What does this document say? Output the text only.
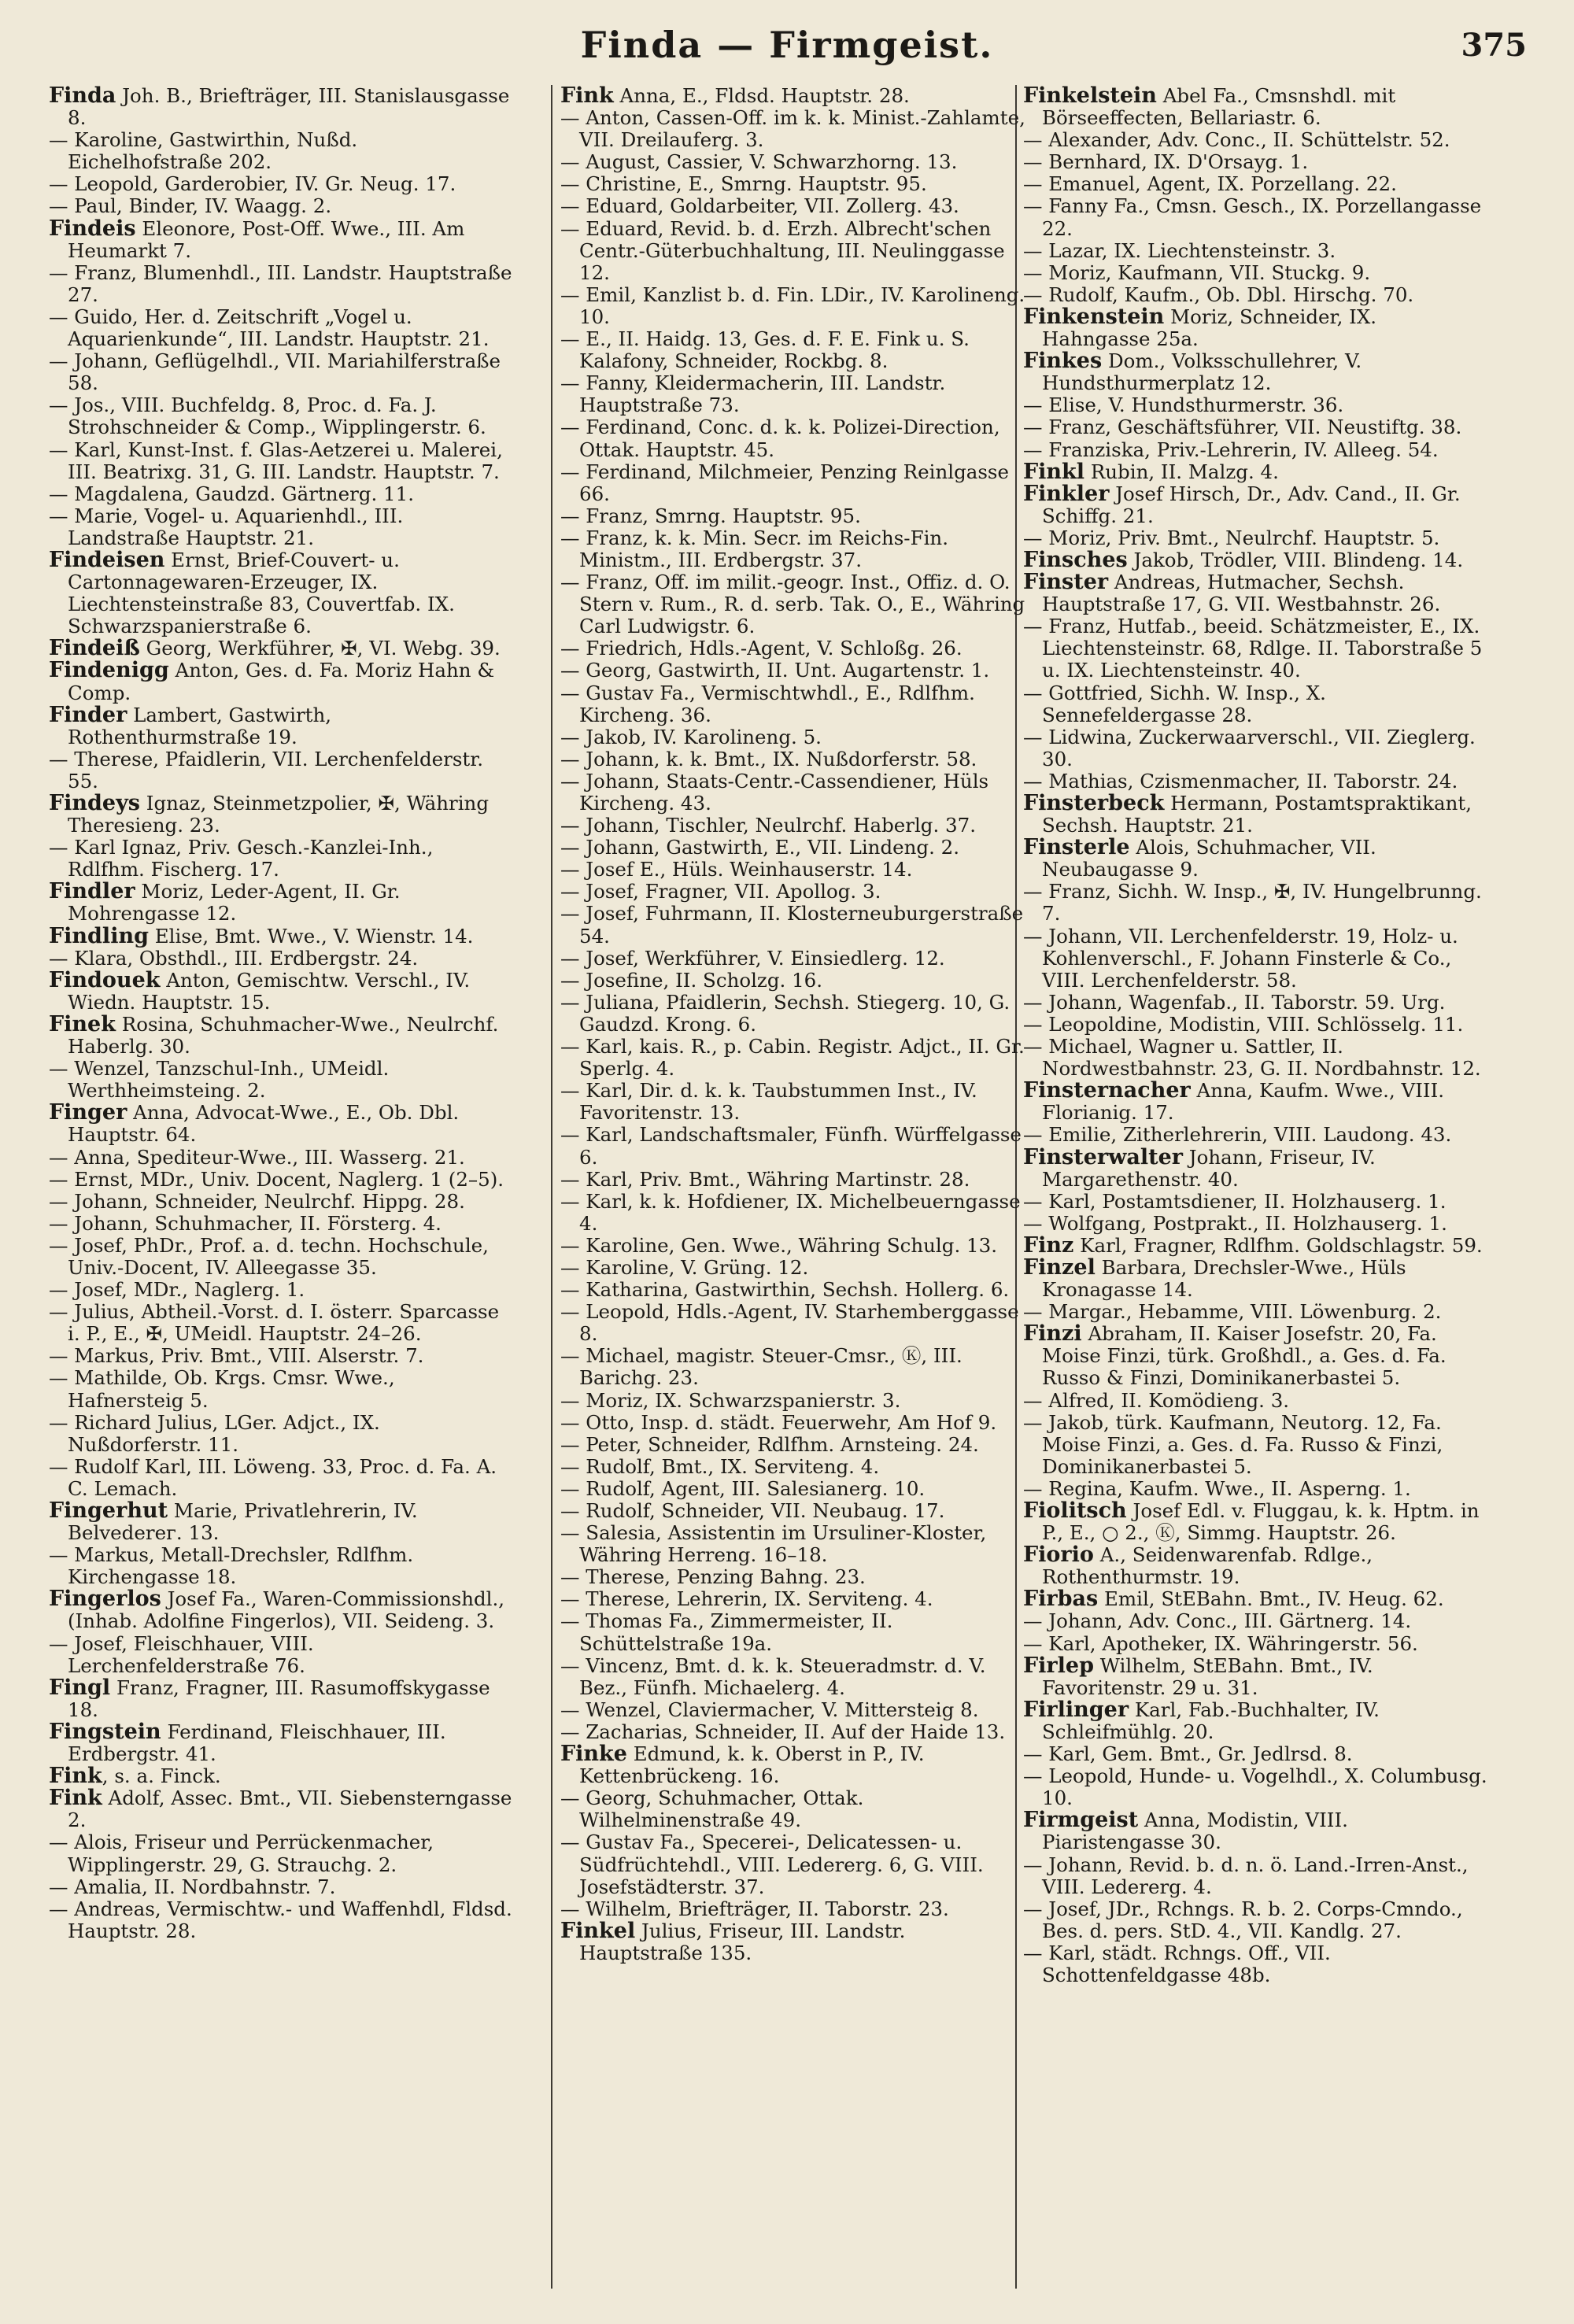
Finda — Firmgeist.	375

Finda Joh. B., Briefträger, III. Stanislausgasse 8.

— Karoline, Gastwirthin, Nußd. Eichelhofstraße 202.

— Leopold, Garderobier, IV. Gr. Neug. 17.

— Paul, Binder, IV. Waagg. 2.

Findeis Eleonore, Post-Off. Wwe., III. Am Heumarkt 7.

— Franz, Blumenhdl., III. Landstr. Hauptstraße 27.

— Guido, Her. d. Zeitschrift „Vogel u. Aquarienkunde“, III. Landstr. Hauptstr. 21.

— Johann, Geflügelhdl., VII. Mariahilferstraße 58.

— Jos., VIII. Buchfeldg. 8, Proc. d. Fa. J. Strohschneider & Comp., Wipplingerstr. 6.

— Karl, Kunst-Inst. f. Glas-Aetzerei u. Malerei, III. Beatrixg. 31, G. III. Landstr. Hauptstr. 7.

— Magdalena, Gaudzd. Gärtnerg. 11.

— Marie, Vogel- u. Aquarienhdl., III. Landstraße Hauptstr. 21.

Findeisen Ernst, Brief-Couvert- u. Cartonnagewaren-Erzeuger, IX. Liechtensteinstraße 83, Couvertfab. IX. Schwarzspanierstraße 6.

Findeiß Georg, Werkführer, ✠, VI. Webg. 39.

Findenigg Anton, Ges. d. Fa. Moriz Hahn & Comp.

Finder Lambert, Gastwirth, Rothenthurmstraße 19.

— Therese, Pfaidlerin, VII. Lerchenfelderstr. 55.

Findeys Ignaz, Steinmetzpolier, ✠, Währing Theresieng. 23.

— Karl Ignaz, Priv. Gesch.-Kanzlei-Inh., Rdlfhm. Fischerg. 17.

Findler Moriz, Leder-Agent, II. Gr. Mohrengasse 12.

Findling Elise, Bmt. Wwe., V. Wienstr. 14.

— Klara, Obsthdl., III. Erdbergstr. 24.

Findouek Anton, Gemischtw. Verschl., IV. Wiedn. Hauptstr. 15.

Finek Rosina, Schuhmacher-Wwe., Neulrchf. Haberlg. 30.

— Wenzel, Tanzschul-Inh., UMeidl. Werthheimsteing. 2.

Finger Anna, Advocat-Wwe., E., Ob. Dbl. Hauptstr. 64.

— Anna, Spediteur-Wwe., III. Wasserg. 21.

— Ernst, MDr., Univ. Docent, Naglerg. 1 (2–5).

— Johann, Schneider, Neulrchf. Hippg. 28.

— Johann, Schuhmacher, II. Försterg. 4.

— Josef, PhDr., Prof. a. d. techn. Hochschule, Univ.-Docent, IV. Alleegasse 35.

— Josef, MDr., Naglerg. 1.

— Julius, Abtheil.-Vorst. d. I. österr. Sparcasse i. P., E., ✠, UMeidl. Hauptstr. 24–26.

— Markus, Priv. Bmt., VIII. Alserstr. 7.

— Mathilde, Ob. Krgs. Cmsr. Wwe., Hafnersteig 5.

— Richard Julius, LGer. Adjct., IX. Nußdorferstr. 11.

— Rudolf Karl, III. Löweng. 33, Proc. d. Fa. A. C. Lemach.

Fingerhut Marie, Privatlehrerin, IV. Belvederег. 13.

— Markus, Metall-Drechsler, Rdlfhm. Kirchengasse 18.

Fingerlos Josef Fa., Waren-Commissionshdl., (Inhab. Adolfine Fingerlos), VII. Seideng. 3.

— Josef, Fleischhauer, VIII. Lerchenfelderstraße 76.

Fingl Franz, Fragner, III. Rasumoffskygasse 18.

Fingstein Ferdinand, Fleischhauer, III. Erdbergstr. 41.

Fink, s. a. Finck.

Fink Adolf, Assec. Bmt., VII. Siebensterngasse 2.

— Alois, Friseur und Perrückenmacher, Wipplingerstr. 29, G. Strauchg. 2.

— Amalia, II. Nordbahnstr. 7.

— Andreas, Vermischtw.- und Waffenhdl, Fldsd. Hauptstr. 28.

Fink Anna, E., Fldsd. Hauptstr. 28.

— Anton, Cassen-Off. im k. k. Minist.-Zahlamte, VII. Dreilauferg. 3.

— August, Cassier, V. Schwarzhorng. 13.

— Christine, E., Smrng. Hauptstr. 95.

— Eduard, Goldarbeiter, VII. Zollerg. 43.

— Eduard, Revid. b. d. Erzh. Albrecht'schen Centr.-Güterbuchhaltung, III. Neulinggasse 12.

— Emil, Kanzlist b. d. Fin. LDir., IV. Karolineng. 10.

— E., II. Haidg. 13, Ges. d. F. E. Fink u. S. Kalafony, Schneider, Rockbg. 8.

— Fanny, Kleidermacherin, III. Landstr. Hauptstraße 73.

— Ferdinand, Conc. d. k. k. Polizei-Direction, Ottak. Hauptstr. 45.

— Ferdinand, Milchmeier, Penzing Reinlgasse 66.

— Franz, Smrng. Hauptstr. 95.

— Franz, k. k. Min. Secr. im Reichs-Fin. Ministm., III. Erdbergstr. 37.

— Franz, Off. im milit.-geogr. Inst., Offiz. d. O. Stern v. Rum., R. d. serb. Tak. O., E., Währing Carl Ludwigstr. 6.

— Friedrich, Hdls.-Agent, V. Schloßg. 26.

— Georg, Gastwirth, II. Unt. Augartenstr. 1.

— Gustav Fa., Vermischtwhdl., E., Rdlfhm. Kircheng. 36.

— Jakob, IV. Karolineng. 5.

— Johann, k. k. Bmt., IX. Nußdorferstr. 58.

— Johann, Staats-Centr.-Cassendiener, Hüls Kircheng. 43.

— Johann, Tischler, Neulrchf. Haberlg. 37.

— Johann, Gastwirth, E., VII. Lindeng. 2.

— Josef E., Hüls. Weinhauserstr. 14.

— Josef, Fragner, VII. Apollog. 3.

— Josef, Fuhrmann, II. Klosterneuburgerstraße 54.

— Josef, Werkführer, V. Einsiedlerg. 12.

— Josefine, II. Scholzg. 16.

— Juliana, Pfaidlerin, Sechsh. Stiegerg. 10, G. Gaudzd. Krong. 6.

— Karl, kais. R., p. Cabin. Registr. Adjct., II. Gr. Sperlg. 4.

— Karl, Dir. d. k. k. Taubstummen Inst., IV. Favoritenstr. 13.

— Karl, Landschaftsmaler, Fünfh. Würffelgasse 6.

— Karl, Priv. Bmt., Währing Martinstr. 28.

— Karl, k. k. Hofdiener, IX. Michelbeuerngasse 4.

— Karoline, Gen. Wwe., Währing Schulg. 13.

— Karoline, V. Grüng. 12.

— Katharina, Gastwirthin, Sechsh. Hollerg. 6.

— Leopold, Hdls.-Agent, IV. Starhemberggasse 8.

— Michael, magistr. Steuer-Cmsr., Ⓚ, III. Barichg. 23.

— Moriz, IX. Schwarzspanierstr. 3.

— Otto, Insp. d. städt. Feuerwehr, Am Hof 9.

— Peter, Schneider, Rdlfhm. Arnsteing. 24.

— Rudolf, Bmt., IX. Serviteng. 4.

— Rudolf, Agent, III. Salesianerg. 10.

— Rudolf, Schneider, VII. Neubaug. 17.

— Salesia, Assistentin im Ursuliner-Kloster, Währing Herreng. 16–18.

— Therese, Penzing Bahng. 23.

— Therese, Lehrerin, IX. Serviteng. 4.

— Thomas Fa., Zimmermeister, II. Schüttelstraße 19a.

— Vincenz, Bmt. d. k. k. Steueradmstr. d. V. Bez., Fünfh. Michaelerg. 4.

— Wenzel, Claviermacher, V. Mittersteig 8.

— Zacharias, Schneider, II. Auf der Haide 13.

Finke Edmund, k. k. Oberst in P., IV. Kettenbrückeng. 16.

— Georg, Schuhmacher, Ottak. Wilhelminenstraße 49.

— Gustav Fa., Specerei-, Delicatessen- u. Südfrüchtehdl., VIII. Ledererg. 6, G. VIII. Josefstädterstr. 37.

— Wilhelm, Briefträger, II. Taborstr. 23.

Finkel Julius, Friseur, III. Landstr. Hauptstraße 135.

Finkelstein Abel Fa., Cmsnshdl. mit Börseeffecten, Bellariastr. 6.

— Alexander, Adv. Conc., II. Schüttelstr. 52.

— Bernhard, IX. D'Orsayg. 1.

— Emanuel, Agent, IX. Porzellang. 22.

— Fanny Fa., Cmsn. Gesch., IX. Porzellangasse 22.

— Lazar, IX. Liechtensteinstr. 3.

— Moriz, Kaufmann, VII. Stuckg. 9.

— Rudolf, Kaufm., Ob. Dbl. Hirschg. 70.

Finkenstein Moriz, Schneider, IX. Hahngasse 25a.

Finkes Dom., Volksschullehrer, V. Hundsthurmerplatz 12.

— Elise, V. Hundsthurmerstr. 36.

— Franz, Geschäftsführer, VII. Neustiftg. 38.

— Franziska, Priv.-Lehrerin, IV. Alleeg. 54.

Finkl Rubin, II. Malzg. 4.

Finkler Josef Hirsch, Dr., Adv. Cand., II. Gr. Schiffg. 21.

— Moriz, Priv. Bmt., Neulrchf. Hauptstr. 5.

Finsches Jakob, Trödler, VIII. Blindeng. 14.

Finster Andreas, Hutmacher, Sechsh. Hauptstraße 17, G. VII. Westbahnstr. 26.

— Franz, Hutfab., beeid. Schätzmeister, E., IX. Liechtensteinstr. 68, Rdlge. II. Taborstraße 5 u. IX. Liechtensteinstr. 40.

— Gottfried, Sichh. W. Insp., X. Sennefeldergasse 28.

— Lidwina, Zuckerwaarverschl., VII. Zieglerg. 30.

— Mathias, Czismenmacher, II. Taborstr. 24.

Finsterbeck Hermann, Postamtspraktikant, Sechsh. Hauptstr. 21.

Finsterle Alois, Schuhmacher, VII. Neubaugasse 9.

— Franz, Sichh. W. Insp., ✠, IV. Hungelbrunng. 7.

— Johann, VII. Lerchenfelderstr. 19, Holz- u. Kohlenverschl., F. Johann Finsterle & Co., VIII. Lerchenfelderstr. 58.

— Johann, Wagenfab., II. Taborstr. 59. Urg.

— Leopoldine, Modistin, VIII. Schlösselg. 11.

— Michael, Wagner u. Sattler, II. Nordwestbahnstr. 23, G. II. Nordbahnstr. 12.

Finsternacher Anna, Kaufm. Wwe., VIII. Florianig. 17.

— Emilie, Zitherlehrerin, VIII. Laudong. 43.

Finsterwalter Johann, Friseur, IV. Margarethenstr. 40.

— Karl, Postamtsdiener, II. Holzhauserg. 1.

— Wolfgang, Postprakt., II. Holzhauserg. 1.

Finz Karl, Fragner, Rdlfhm. Goldschlagstr. 59.

Finzel Barbara, Drechsler-Wwe., Hüls Kronagasse 14.

— Margar., Hebamme, VIII. Löwenburg. 2.

Finzi Abraham, II. Kaiser Josefstr. 20, Fa. Moise Finzi, türk. Großhdl., a. Ges. d. Fa. Russo & Finzi, Dominikanerbastei 5.

— Alfred, II. Komödieng. 3.

— Jakob, türk. Kaufmann, Neutorg. 12, Fa. Moise Finzi, a. Ges. d. Fa. Russo & Finzi, Dominikanerbastei 5.

— Regina, Kaufm. Wwe., II. Asperng. 1.

Fiolitsch Josef Edl. v. Fluggau, k. k. Hptm. in P., E., ○ 2., Ⓚ, Simmg. Hauptstr. 26.

Fiorio A., Seidenwarenfab. Rdlge., Rothenthurmstr. 19.

Firbas Emil, StEBahn. Bmt., IV. Heug. 62.

— Johann, Adv. Conc., III. Gärtnerg. 14.

— Karl, Apotheker, IX. Währingerstr. 56.

Firlep Wilhelm, StEBahn. Bmt., IV. Favoritenstr. 29 u. 31.

Firlinger Karl, Fab.-Buchhalter, IV. Schleifmühlg. 20.

— Karl, Gem. Bmt., Gr. Jedlrsd. 8.

— Leopold, Hunde- u. Vogelhdl., X. Columbusg. 10.

Firmgeist Anna, Modistin, VIII. Piaristengasse 30.

— Johann, Revid. b. d. n. ö. Land.-Irren-Anst., VIII. Ledererg. 4.

— Josef, JDr., Rchngs. R. b. 2. Corps-Cmndo., Bes. d. pers. StD. 4., VII. Kandlg. 27.

— Karl, städt. Rchngs. Off., VII. Schottenfeldgasse 48b.
